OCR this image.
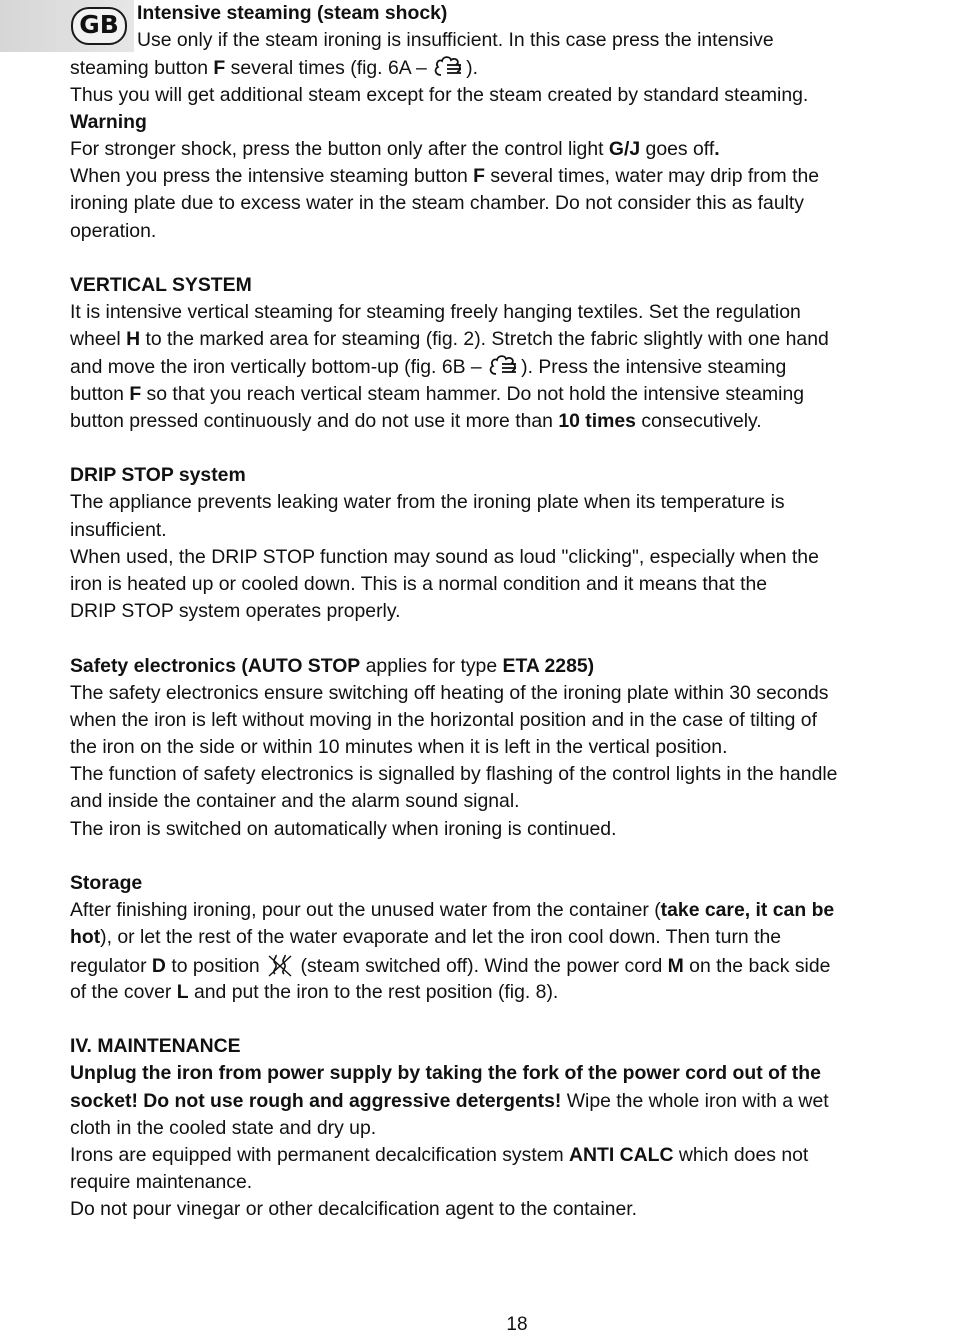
GB Intensive steaming (steam shock)
Use only if the steam ironing is insufficient. In this case press the intensive
steaming button F several times (fig. 6A – ).
Thus you will get additional steam except for the steam created by standard steaming.
Warning
For stronger shock, press the button only after the control light G/J goes off.
When you press the intensive steaming button F several times, water may drip from the
ironing plate due to excess water in the steam chamber. Do not consider this as faulty
operation.
VERTICAL SYSTEM
It is intensive vertical steaming for steaming freely hanging textiles. Set the regulation
wheel H to the marked area for steaming (fig. 2). Stretch the fabric slightly with one hand
and move the iron vertically bottom-up (fig. 6B – ). Press the intensive steaming
button F so that you reach vertical steam hammer. Do not hold the intensive steaming
button pressed continuously and do not use it more than 10 times consecutively.
DRIP STOP system
The appliance prevents leaking water from the ironing plate when its temperature is
insufficient.
When used, the DRIP STOP function may sound as loud "clicking", especially when the
iron is heated up or cooled down. This is a normal condition and it means that the
DRIP STOP system operates properly.
Safety electronics (AUTO STOP applies for type ETA 2285)
The safety electronics ensure switching off heating of the ironing plate within 30 seconds
when the iron is left without moving in the horizontal position and in the case of tilting of
the iron on the side or within 10 minutes when it is left in the vertical position.
The function of safety electronics is signalled by flashing of the control lights in the handle
and inside the container and the alarm sound signal.
The iron is switched on automatically when ironing is continued.
Storage
After finishing ironing, pour out the unused water from the container (take care, it can be
hot), or let the rest of the water evaporate and let the iron cool down. Then turn the
regulator D to position  (steam switched off). Wind the power cord M on the back side
of the cover L and put the iron to the rest position (fig. 8).
IV. MAINTENANCE
Unplug the iron from power supply by taking the fork of the power cord out of the
socket! Do not use rough and aggressive detergents! Wipe the whole iron with a wet
cloth in the cooled state and dry up.
Irons are equipped with permanent decalcification system ANTI CALC which does not
require maintenance.
Do not pour vinegar or other decalcification agent to the container.
18
